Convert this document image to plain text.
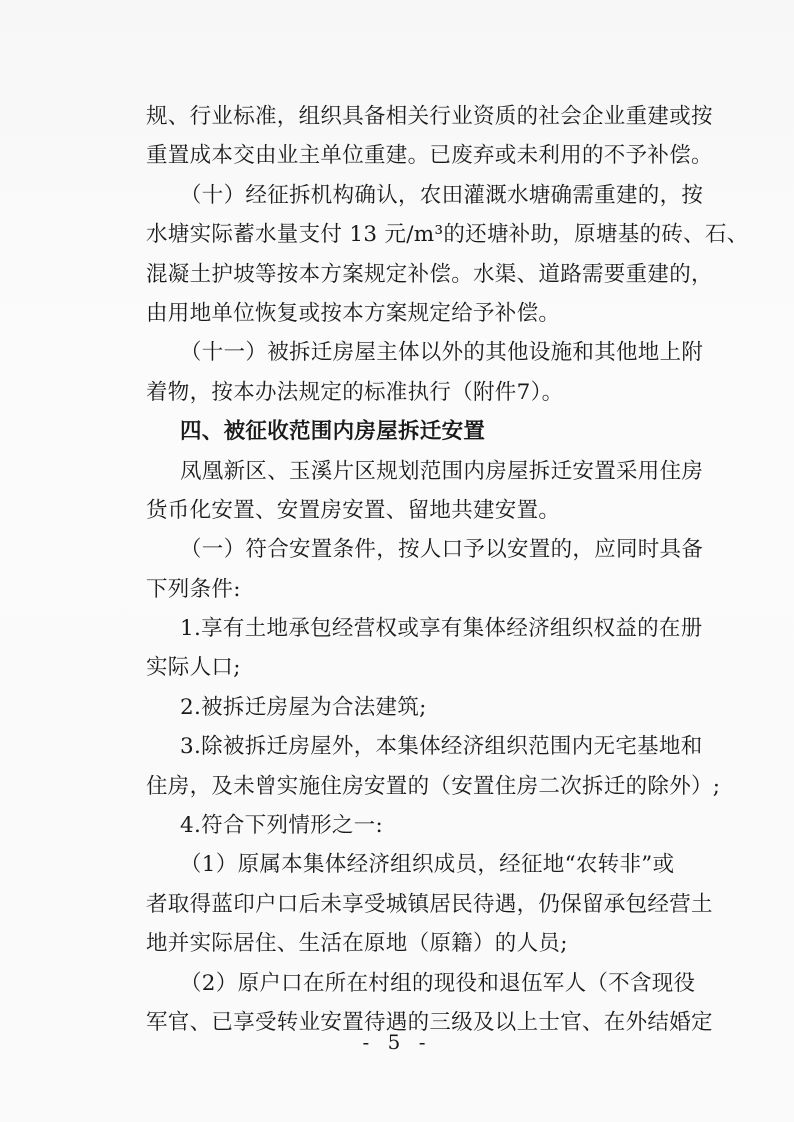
规、行业标准，组织具备相关行业资质的社会企业重建或按
重置成本交由业主单位重建。已废弃或未利用的不予补偿。
（十）经征拆机构确认，农田灌溉水塘确需重建的，按
水塘实际蓄水量支付 13 元/m³的还塘补助，原塘基的砖、石、
混凝土护坡等按本方案规定补偿。水渠、道路需要重建的，
由用地单位恢复或按本方案规定给予补偿。
（十一）被拆迁房屋主体以外的其他设施和其他地上附
着物，按本办法规定的标准执行（附件7）。
四、被征收范围内房屋拆迁安置
凤凰新区、玉溪片区规划范围内房屋拆迁安置采用住房
货币化安置、安置房安置、留地共建安置。
（一）符合安置条件，按人口予以安置的，应同时具备
下列条件:
1.享有土地承包经营权或享有集体经济组织权益的在册
实际人口;
2.被拆迁房屋为合法建筑;
3.除被拆迁房屋外，本集体经济组织范围内无宅基地和
住房，及未曾实施住房安置的（安置住房二次拆迁的除外）;
4.符合下列情形之一:
（1）原属本集体经济组织成员，经征地“农转非”或
者取得蓝印户口后未享受城镇居民待遇，仍保留承包经营土
地并实际居住、生活在原地（原籍）的人员;
（2）原户口在所在村组的现役和退伍军人（不含现役
军官、已享受转业安置待遇的三级及以上士官、在外结婚定
- 5 -
